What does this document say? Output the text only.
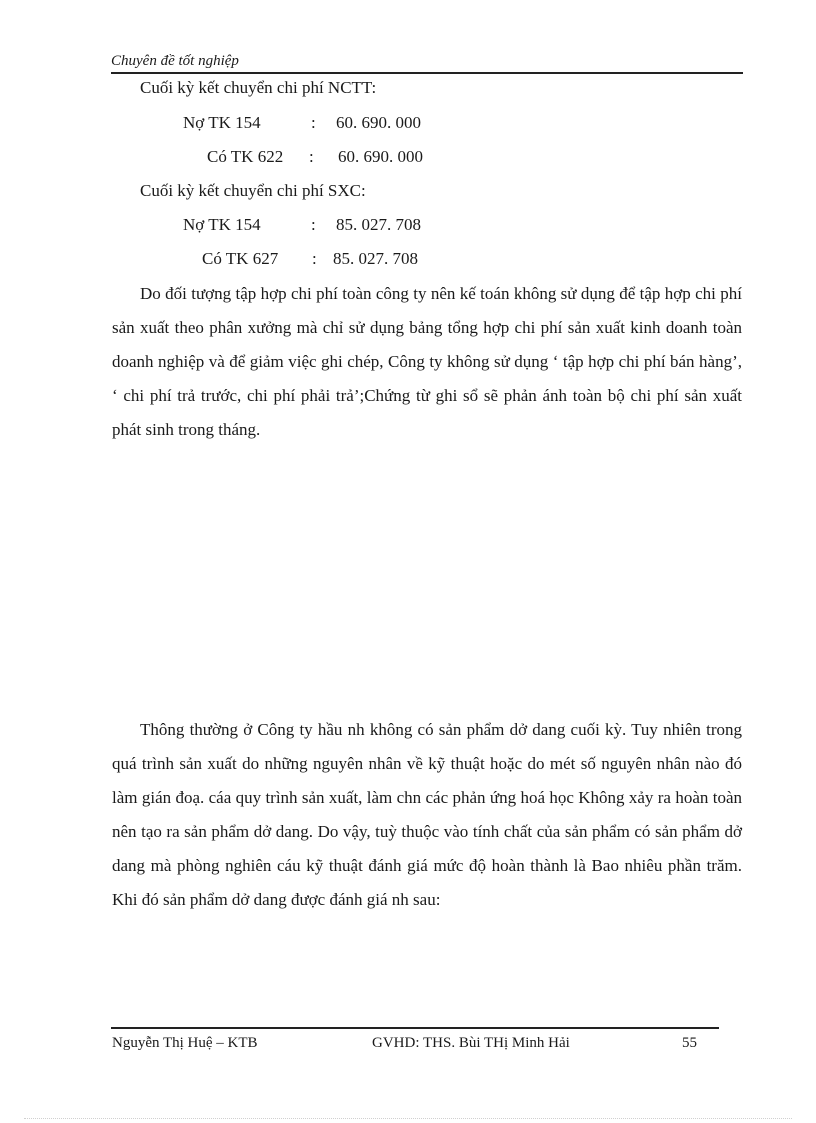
Chuyên đề tốt nghiệp
Cuối kỳ kết chuyển chi phí NCTT:
Nợ TK 154	: 60. 690. 000
Có TK 622 : 60. 690. 000
Cuối kỳ kết chuyển chi phí SXC:
Nợ TK 154	: 85. 027. 708
Có TK 627 : 85. 027. 708

Do đối tượng tập hợp chi phí toàn công ty nên kế toán không sử dụng để tập hợp chi phí sản xuất theo phân xưởng mà chỉ sử dụng bảng tổng hợp chi phí sản xuất kinh doanh toàn doanh nghiệp và để giảm việc ghi chép, Công ty không sử dụng ‘ tập hợp chi phí bán hàng’, ‘ chi phí trả trước, chi phí phải trả’;Chứng từ ghi sổ sẽ phản ánh toàn bộ chi phí sản xuất phát sinh trong tháng.

Thông thường ở Công ty hầu nh không có sản phẩm dở dang cuối kỳ. Tuy nhiên trong quá trình sản xuất do những nguyên nhân về kỹ thuật hoặc do mét số nguyên nhân nào đó làm gián đoạ. cáa quy trình sản xuất, làm chn các phản ứng hoá học Không xảy ra hoàn toàn nên tạo ra sản phẩm dở dang. Do vậy, tuỳ thuộc vào tính chất của sản phẩm có sản phẩm dở dang mà phòng nghiên cáu kỹ thuật đánh giá mức độ hoàn thành là Bao nhiêu phần trăm. Khi đó sản phẩm dở dang được đánh giá nh sau:

Nguyễn Thị Huệ – KTB	GVHD: THS. Bùi THị Minh Hải	55
